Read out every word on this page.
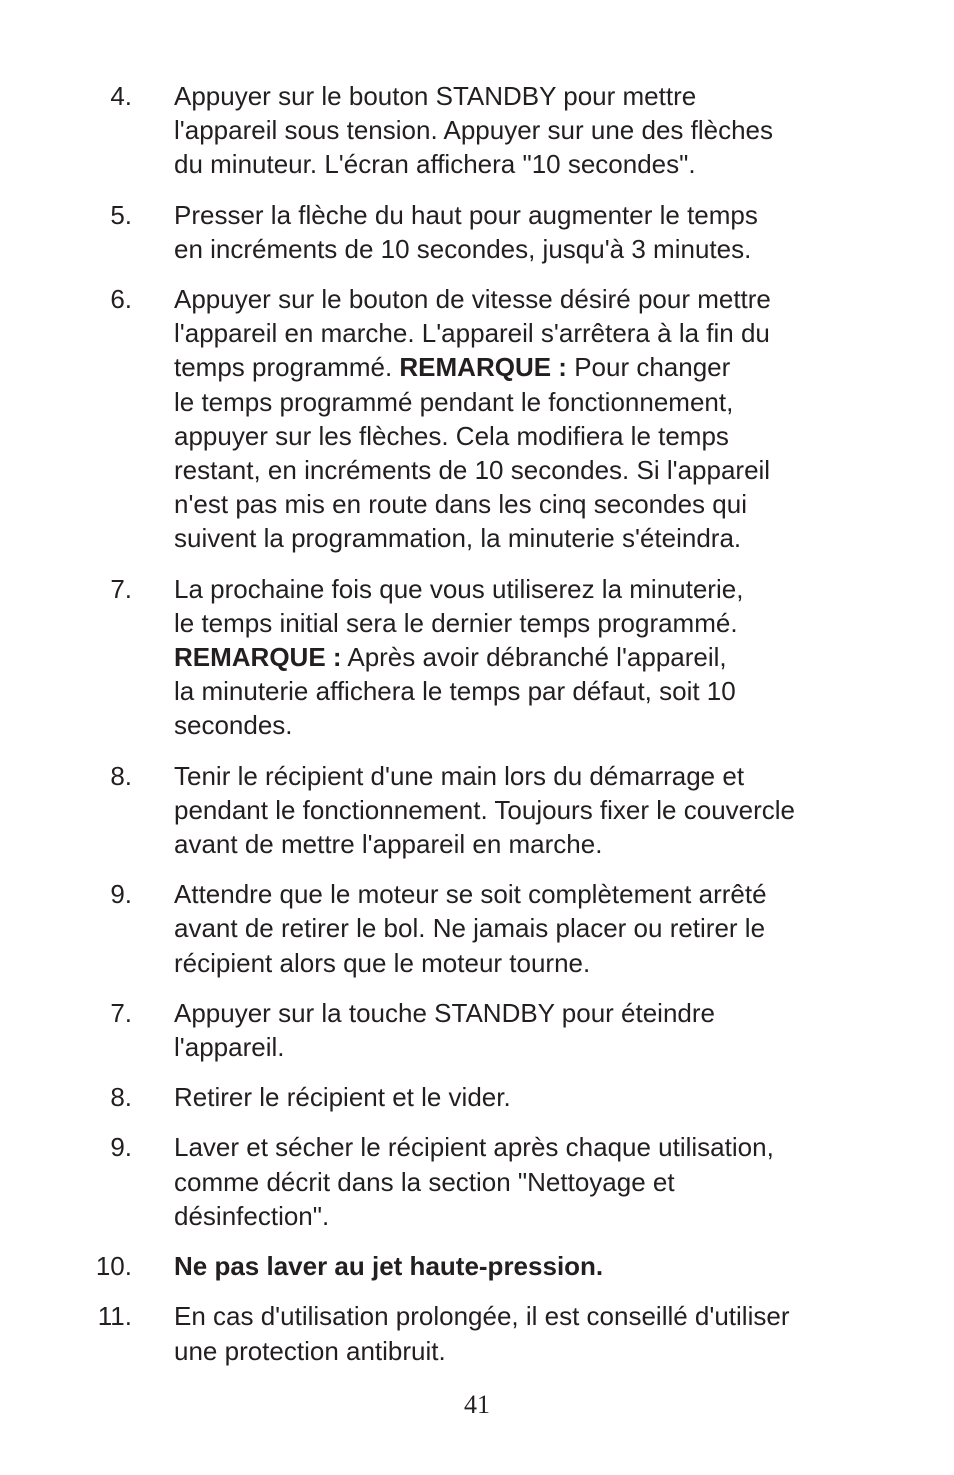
4. Appuyer sur le bouton STANDBY pour mettre
l'appareil sous tension. Appuyer sur une des flèches
du minuteur. L'écran affichera "10 secondes".
5. Presser la flèche du haut pour augmenter le temps
en incréments de 10 secondes, jusqu'à 3 minutes.
6. Appuyer sur le bouton de vitesse désiré pour mettre
l'appareil en marche. L'appareil s'arrêtera à la fin du
temps programmé. REMARQUE : Pour changer
le temps programmé pendant le fonctionnement,
appuyer sur les flèches. Cela modifiera le temps
restant, en incréments de 10 secondes. Si l'appareil
n'est pas mis en route dans les cinq secondes qui
suivent la programmation, la minuterie s'éteindra.
7. La prochaine fois que vous utiliserez la minuterie,
le temps initial sera le dernier temps programmé.
REMARQUE : Après avoir débranché l'appareil,
la minuterie affichera le temps par défaut, soit 10
secondes.
8. Tenir le récipient d'une main lors du démarrage et
pendant le fonctionnement. Toujours fixer le couvercle
avant de mettre l'appareil en marche.
9. Attendre que le moteur se soit complètement arrêté
avant de retirer le bol. Ne jamais placer ou retirer le
récipient alors que le moteur tourne.
7. Appuyer sur la touche STANDBY pour éteindre
l'appareil.
8. Retirer le récipient et le vider.
9. Laver et sécher le récipient après chaque utilisation,
comme décrit dans la section "Nettoyage et
désinfection".
10. Ne pas laver au jet haute-pression.
11. En cas d'utilisation prolongée, il est conseillé d'utiliser
une protection antibruit.
41
